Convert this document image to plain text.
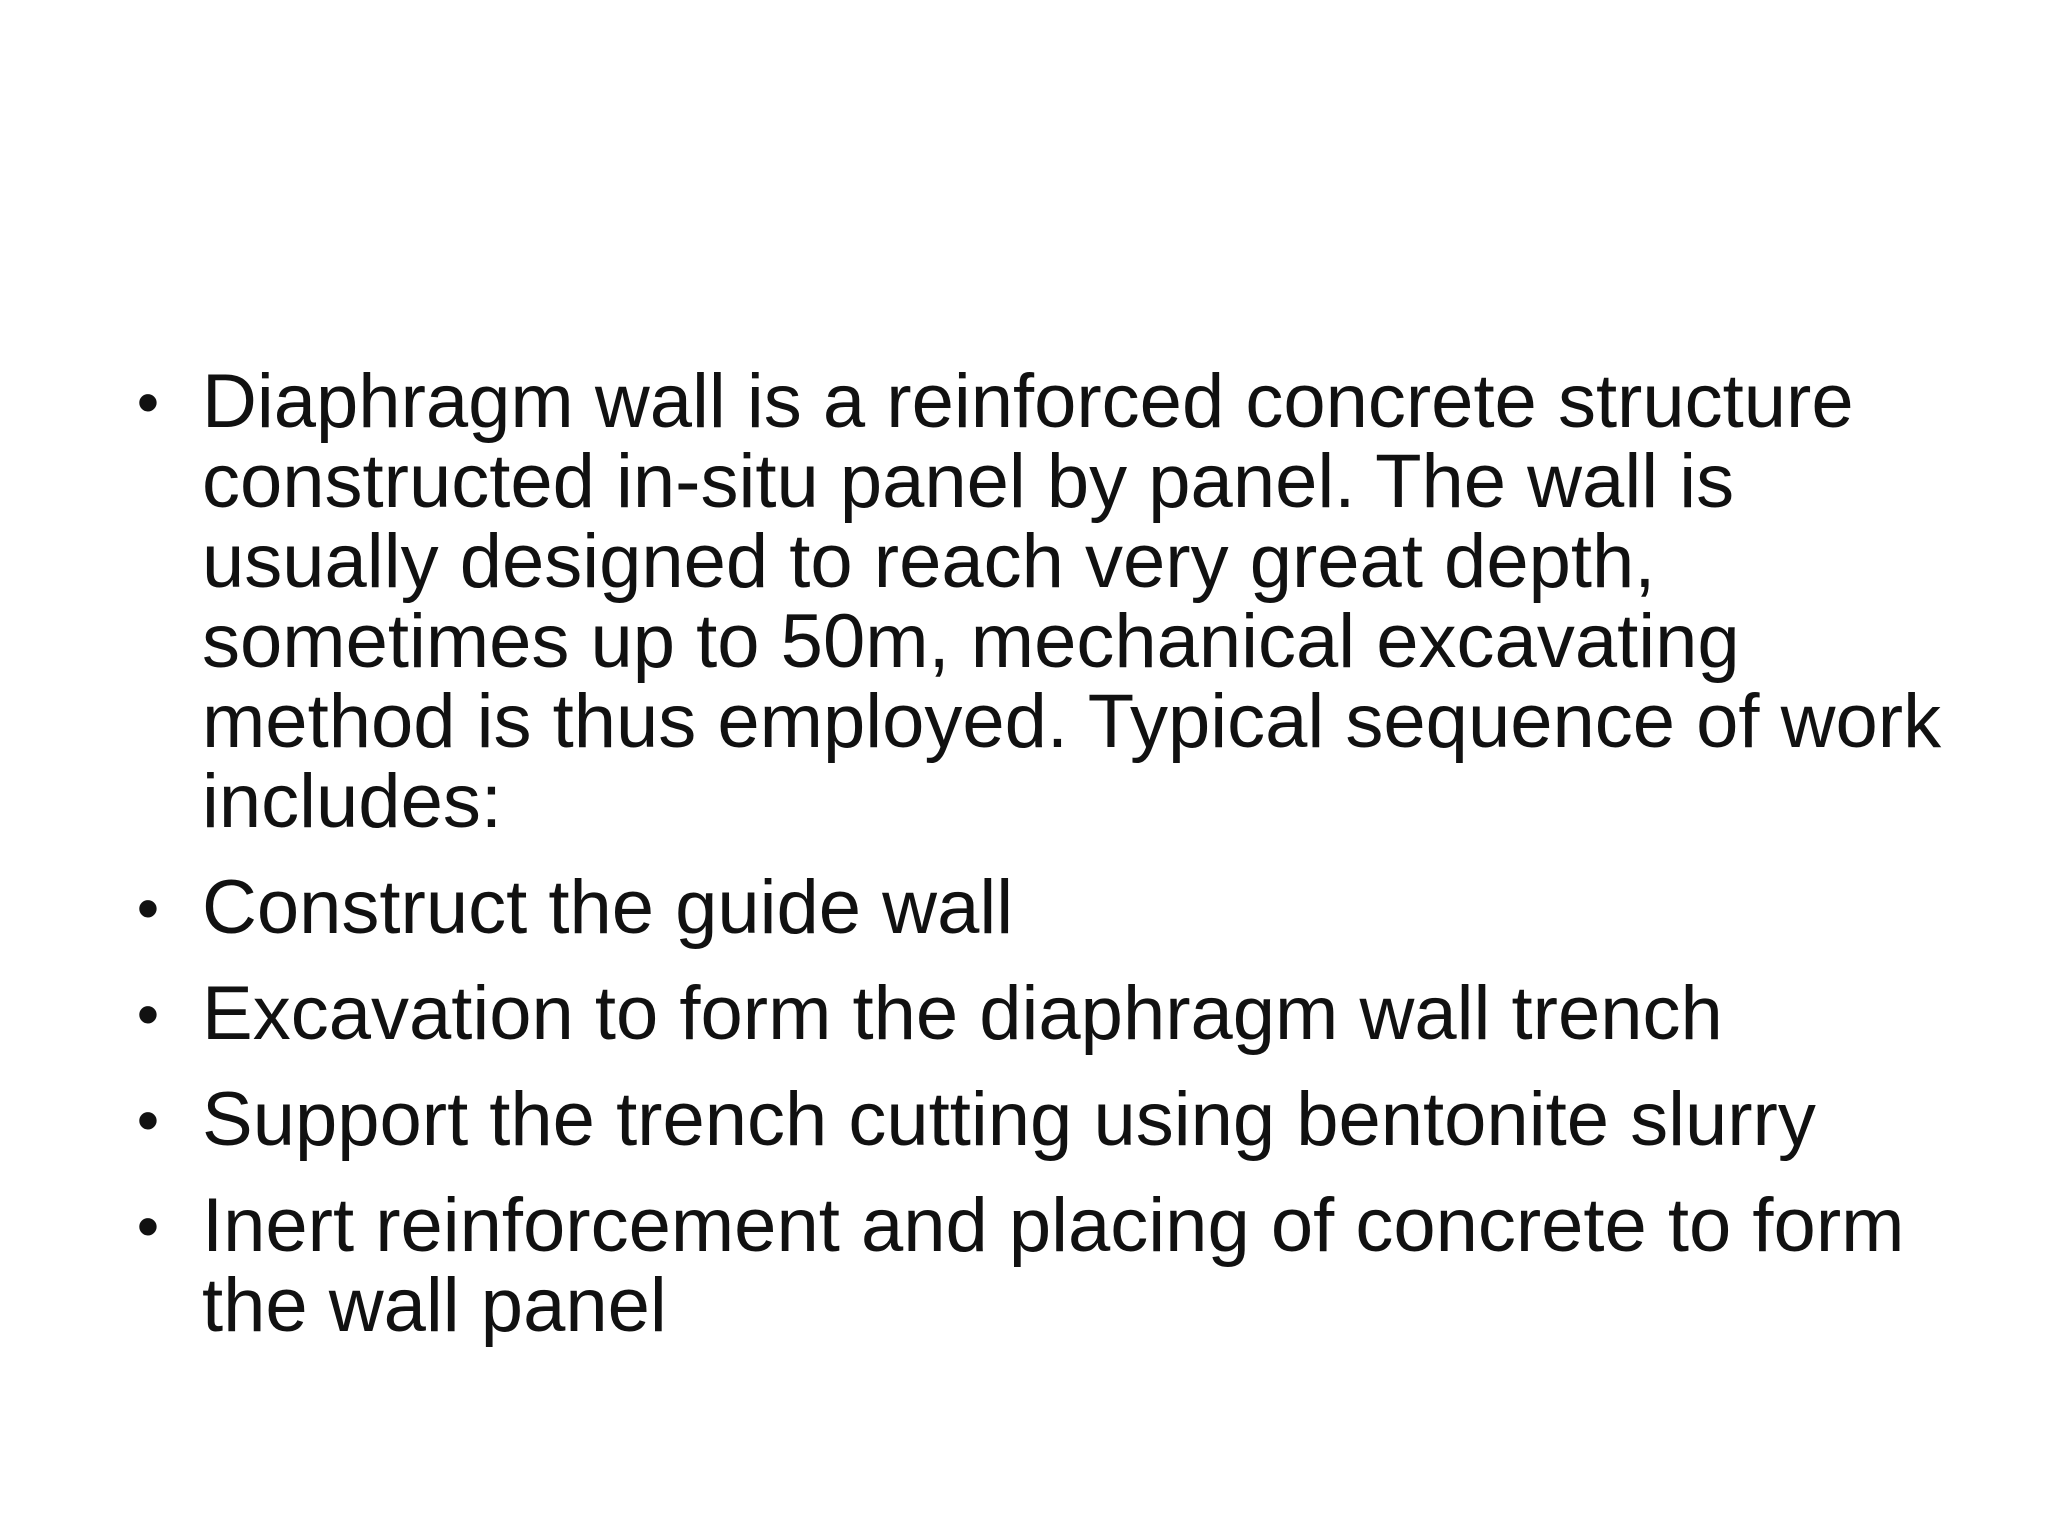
• Diaphragm wall is a reinforced concrete structure constructed in-situ panel by panel. The wall is usually designed to reach very great depth, sometimes up to 50m, mechanical excavating method is thus employed. Typical sequence of work includes:
• Construct the guide wall
• Excavation to form the diaphragm wall trench
• Support the trench cutting using bentonite slurry
• Inert reinforcement and placing of concrete to form the wall panel
